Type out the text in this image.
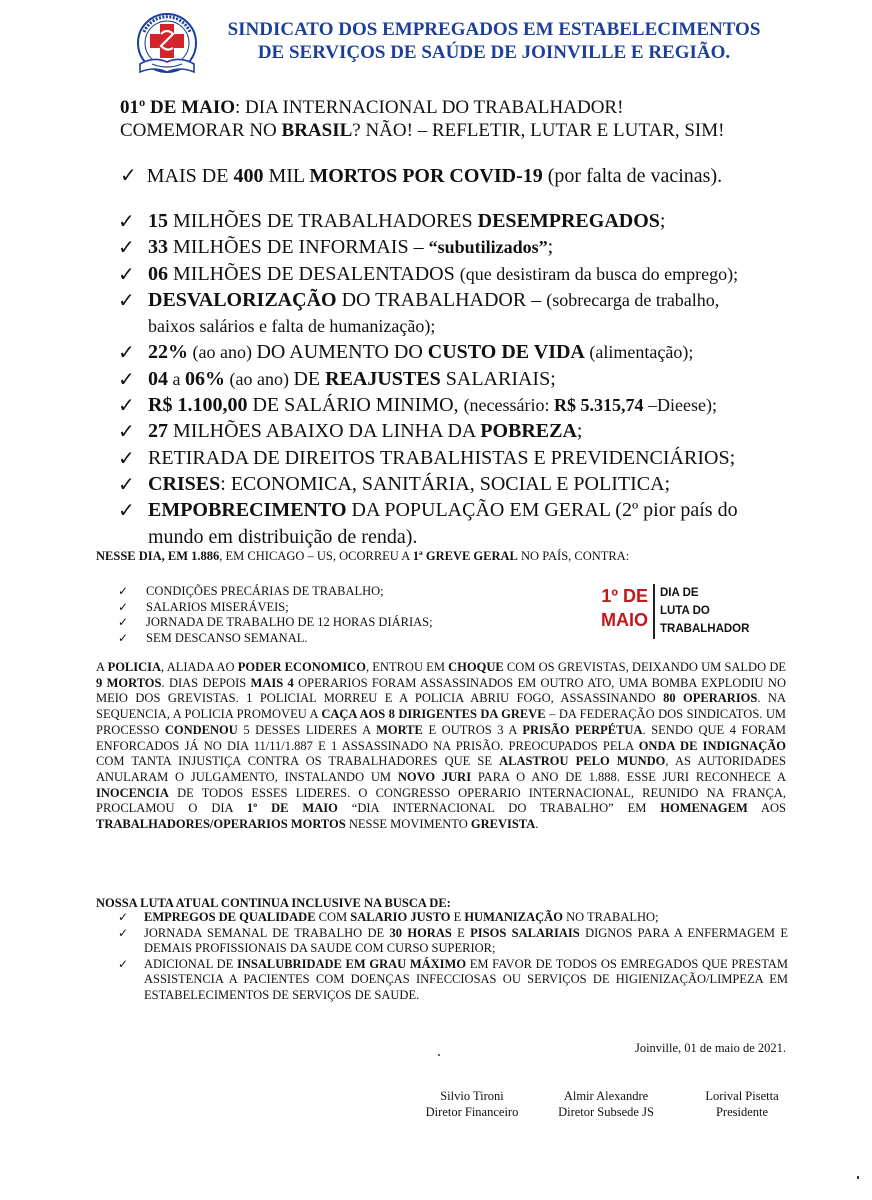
SINDICATO DOS EMPREGADOS EM ESTABELECIMENTOS
DE SERVIÇOS DE SAÚDE DE JOINVILLE E REGIÃO.
01º DE MAIO: DIA INTERNACIONAL DO TRABALHADOR!
COMEMORAR NO BRASIL? NÃO! – REFLETIR, LUTAR E LUTAR, SIM!
✓ MAIS DE 400 MIL MORTOS POR COVID-19 (por falta de vacinas).
✓ 15 MILHÕES DE TRABALHADORES DESEMPREGADOS;
✓ 33 MILHÕES DE INFORMAIS – “subutilizados”;
✓ 06 MILHÕES DE DESALENTADOS (que desistiram da busca do emprego);
✓ DESVALORIZAÇÃO DO TRABALHADOR – (sobrecarga de trabalho,
baixos salários e falta de humanização);
✓ 22% (ao ano) DO AUMENTO DO CUSTO DE VIDA (alimentação);
✓ 04 a 06% (ao ano) DE REAJUSTES SALARIAIS;
✓ R$ 1.100,00 DE SALÁRIO MINIMO, (necessário: R$ 5.315,74 –Dieese);
✓ 27 MILHÕES ABAIXO DA LINHA DA POBREZA;
✓ RETIRADA DE DIREITOS TRABALHISTAS E PREVIDENCIÁRIOS;
✓ CRISES: ECONOMICA, SANITÁRIA, SOCIAL E POLITICA;
✓ EMPOBRECIMENTO DA POPULAÇÃO EM GERAL (2º pior país do
mundo em distribuição de renda).
NESSE DIA, EM 1.886, EM CHICAGO – US, OCORREU A 1ª GREVE GERAL NO PAÍS, CONTRA:
✓ CONDIÇÕES PRECÁRIAS DE TRABALHO;
✓ SALARIOS MISERÁVEIS;
✓ JORNADA DE TRABALHO DE 12 HORAS DIÁRIAS;
✓ SEM DESCANSO SEMANAL.
1º DE
MAIO
DIA DE
LUTA DO
TRABALHADOR

A POLICIA, ALIADA AO PODER ECONOMICO, ENTROU EM CHOQUE COM OS GREVISTAS, DEIXANDO UM SALDO DE 9 MORTOS. DIAS DEPOIS MAIS 4 OPERARIOS FORAM ASSASSINADOS EM OUTRO ATO, UMA BOMBA EXPLODIU NO MEIO DOS GREVISTAS. 1 POLICIAL MORREU E A POLICIA ABRIU FOGO, ASSASSINANDO 80 OPERARIOS. NA SEQUENCIA, A POLICIA PROMOVEU A CAÇA AOS 8 DIRIGENTES DA GREVE – DA FEDERAÇÃO DOS SINDICATOS. UM PROCESSO CONDENOU 5 DESSES LIDERES A MORTE E OUTROS 3 A PRISÃO PERPÉTUA. SENDO QUE 4 FORAM ENFORCADOS JÁ NO DIA 11/11/1.887 E 1 ASSASSINADO NA PRISÃO. PREOCUPADOS PELA ONDA DE INDIGNAÇÃO COM TANTA INJUSTIÇA CONTRA OS TRABALHADORES QUE SE ALASTROU PELO MUNDO, AS AUTORIDADES ANULARAM O JULGAMENTO, INSTALANDO UM NOVO JURI PARA O ANO DE 1.888. ESSE JURI RECONHECE A INOCENCIA DE TODOS ESSES LIDERES. O CONGRESSO OPERARIO INTERNACIONAL, REUNIDO NA FRANÇA, PROCLAMOU O DIA 1º DE MAIO “DIA INTERNACIONAL DO TRABALHO” EM HOMENAGEM AOS TRABALHADORES/OPERARIOS MORTOS NESSE MOVIMENTO GREVISTA.

NOSSA LUTA ATUAL CONTINUA INCLUSIVE NA BUSCA DE:
✓ EMPREGOS DE QUALIDADE COM SALARIO JUSTO E HUMANIZAÇÃO NO TRABALHO;
✓ JORNADA SEMANAL DE TRABALHO DE 30 HORAS E PISOS SALARIAIS DIGNOS PARA A ENFERMAGEM E DEMAIS PROFISSIONAIS DA SAUDE COM CURSO SUPERIOR;
✓ ADICIONAL DE INSALUBRIDADE EM GRAU MÁXIMO EM FAVOR DE TODOS OS EMREGADOS QUE PRESTAM ASSISTENCIA A PACIENTES COM DOENÇAS INFECCIOSAS OU SERVIÇOS DE HIGIENIZAÇÃO/LIMPEZA EM ESTABELECIMENTOS DE SERVIÇOS DE SAUDE.
Joinville, 01 de maio de 2021.
Silvio Tironi
Diretor Financeiro
Almir Alexandre
Diretor Subsede JS
Lorival Pisetta
Presidente
